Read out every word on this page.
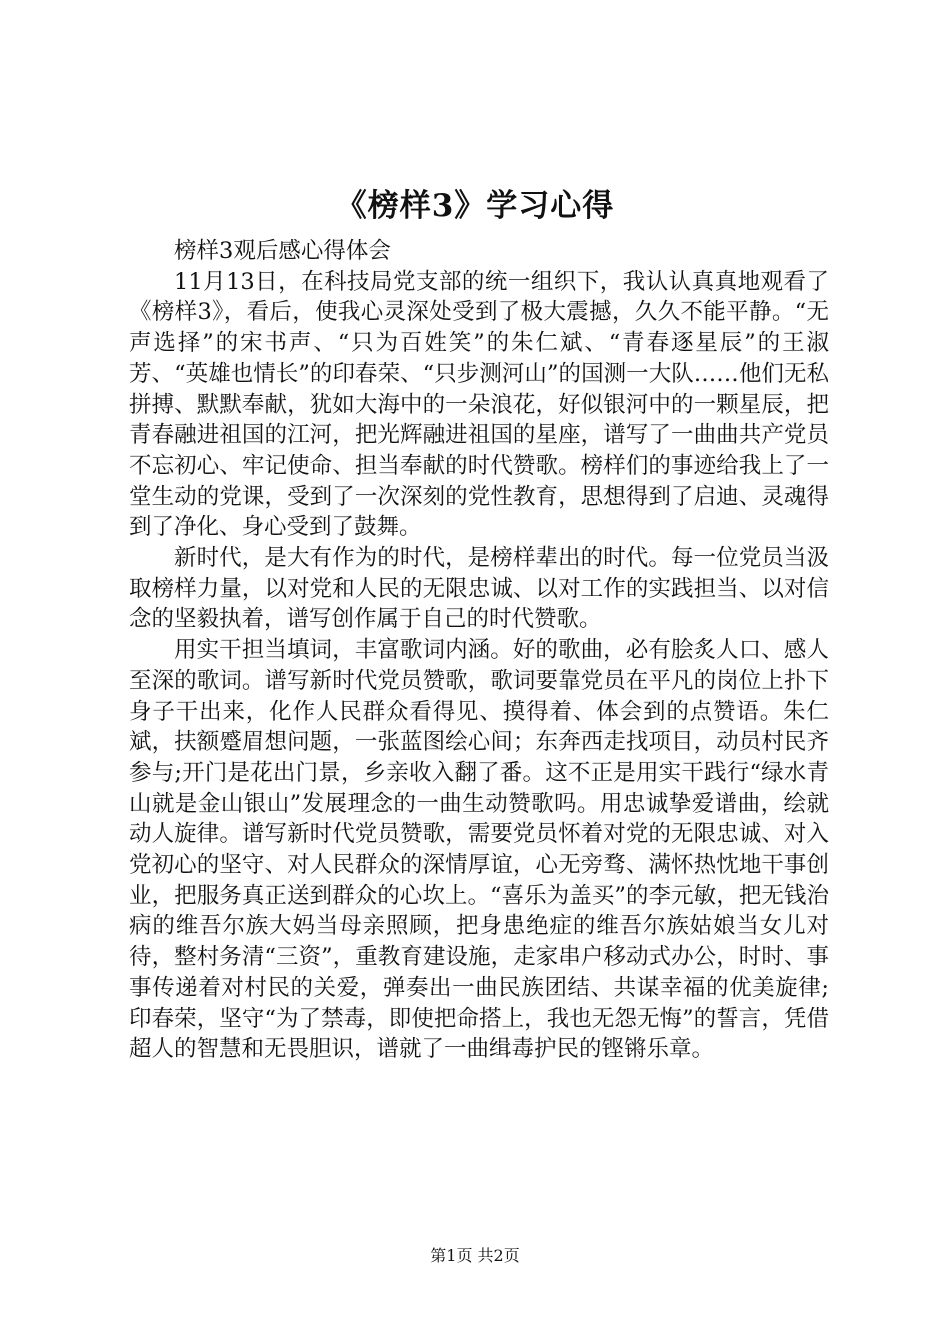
《榜样3》学习心得

榜样3观后感心得体会

11月13日，在科技局党支部的统一组织下，我认认真真地观看了《榜样3》，看后，使我心灵深处受到了极大震撼，久久不能平静。“无声选择”的宋书声、“只为百姓笑”的朱仁斌、“青春逐星辰”的王淑芳、“英雄也情长”的印春荣、“只步测河山”的国测一大队……他们无私拼搏、默默奉献，犹如大海中的一朵浪花，好似银河中的一颗星辰，把青春融进祖国的江河，把光辉融进祖国的星座，谱写了一曲曲共产党员不忘初心、牢记使命、担当奉献的时代赞歌。榜样们的事迹给我上了一堂生动的党课，受到了一次深刻的党性教育，思想得到了启迪、灵魂得到了净化、身心受到了鼓舞。

新时代，是大有作为的时代，是榜样辈出的时代。每一位党员当汲取榜样力量，以对党和人民的无限忠诚、以对工作的实践担当、以对信念的坚毅执着，谱写创作属于自己的时代赞歌。

用实干担当填词，丰富歌词内涵。好的歌曲，必有脍炙人口、感人至深的歌词。谱写新时代党员赞歌，歌词要靠党员在平凡的岗位上扑下身子干出来，化作人民群众看得见、摸得着、体会到的点赞语。朱仁斌，扶额蹙眉想问题，一张蓝图绘心间；东奔西走找项目，动员村民齐参与;开门是花出门景，乡亲收入翻了番。这不正是用实干践行“绿水青山就是金山银山”发展理念的一曲生动赞歌吗。用忠诚挚爱谱曲，绘就动人旋律。谱写新时代党员赞歌，需要党员怀着对党的无限忠诚、对入党初心的坚守、对人民群众的深情厚谊，心无旁骛、满怀热忱地干事创业，把服务真正送到群众的心坎上。“喜乐为盖买”的李元敏，把无钱治病的维吾尔族大妈当母亲照顾，把身患绝症的维吾尔族姑娘当女儿对待，整村务清“三资”，重教育建设施，走家串户移动式办公，时时、事事传递着对村民的关爱，弹奏出一曲民族团结、共谋幸福的优美旋律;印春荣，坚守“为了禁毒，即使把命搭上，我也无怨无悔”的誓言，凭借超人的智慧和无畏胆识，谱就了一曲缉毒护民的铿锵乐章。

第1页 共2页
